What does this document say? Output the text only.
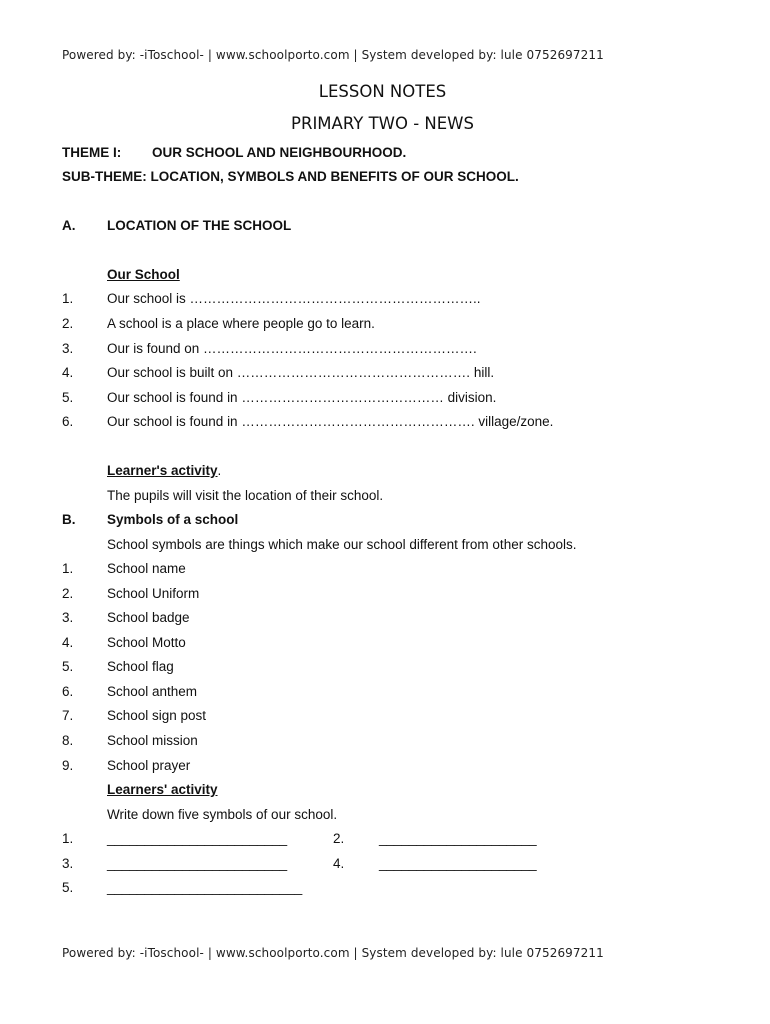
Powered by: -iToschool- | www.schoolporto.com | System developed by: lule 0752697211
LESSON NOTES
PRIMARY TWO - NEWS
THEME I: OUR SCHOOL AND NEIGHBOURHOOD.
SUB-THEME: LOCATION, SYMBOLS AND BENEFITS OF OUR SCHOOL.
A. LOCATION OF THE SCHOOL
Our School
1. Our school is ………………………………………………………..
2. A school is a place where people go to learn.
3. Our is found on …………………………………………………….
4. Our school is built on ……………………………………………. hill.
5. Our school is found in ……………………………………… division.
6. Our school is found in ……………………………………………. village/zone.
Learner's activity.
The pupils will visit the location of their school.
B. Symbols of a school
School symbols are things which make our school different from other schools.
1. School name
2. School Uniform
3. School badge
4. School Motto
5. School flag
6. School anthem
7. School sign post
8. School mission
9. School prayer
Learners' activity
Write down five symbols of our school.
1. ________________________	2.	_____________________
3. ________________________	4.	_____________________
5. __________________________
Powered by: -iToschool- | www.schoolporto.com | System developed by: lule 0752697211
